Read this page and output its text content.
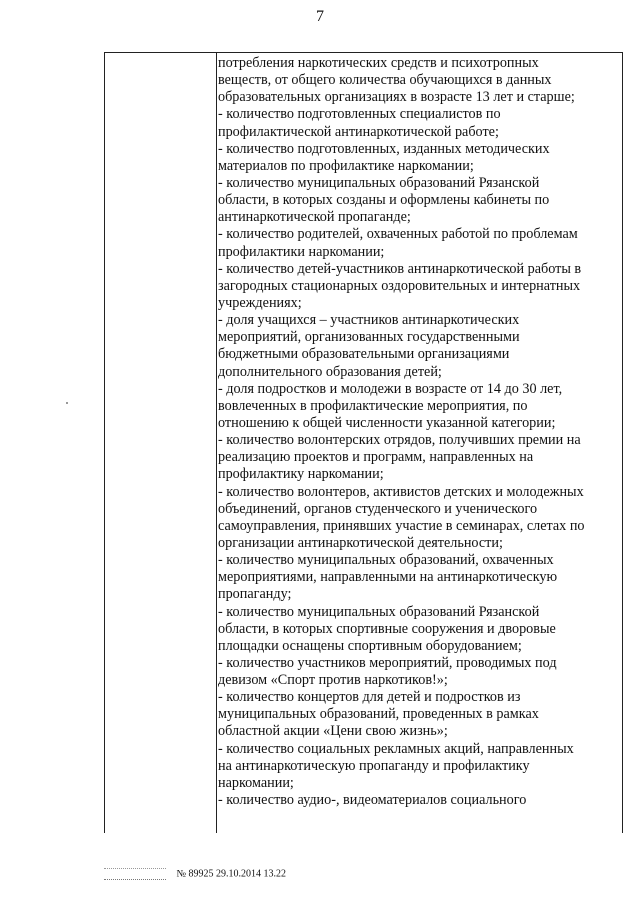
7
потребления наркотических средств и психотропных
веществ, от общего количества обучающихся в данных
образовательных организациях в возрасте 13 лет и старше;
- количество подготовленных специалистов по
профилактической антинаркотической работе;
- количество подготовленных, изданных методических
материалов по профилактике наркомании;
- количество муниципальных образований Рязанской
области, в которых созданы и оформлены кабинеты по
антинаркотической пропаганде;
- количество родителей, охваченных работой по проблемам
профилактики наркомании;
- количество детей-участников антинаркотической работы в
загородных стационарных оздоровительных и интернатных
учреждениях;
- доля учащихся – участников антинаркотических
мероприятий, организованных государственными
бюджетными образовательными организациями
дополнительного образования детей;
- доля подростков и молодежи в возрасте от 14 до 30 лет,
вовлеченных в профилактические мероприятия, по
отношению к общей численности указанной категории;
- количество волонтерских отрядов, получивших премии на
реализацию проектов и программ, направленных на
профилактику наркомании;
- количество волонтеров, активистов детских и молодежных
объединений, органов студенческого и ученического
самоуправления, принявших участие в семинарах, слетах по
организации антинаркотической деятельности;
- количество муниципальных образований, охваченных
мероприятиями, направленными на антинаркотическую
пропаганду;
- количество муниципальных образований Рязанской
области, в которых спортивные сооружения и дворовые
площадки оснащены спортивным оборудованием;
- количество участников мероприятий, проводимых под
девизом «Спорт против наркотиков!»;
- количество концертов для детей и подростков из
муниципальных образований, проведенных в рамках
областной акции «Цени свою жизнь»;
- количество социальных рекламных акций, направленных
на антинаркотическую пропаганду и профилактику
наркомании;
- количество аудио-, видеоматериалов социального
№ 89925 29.10.2014 13.22
